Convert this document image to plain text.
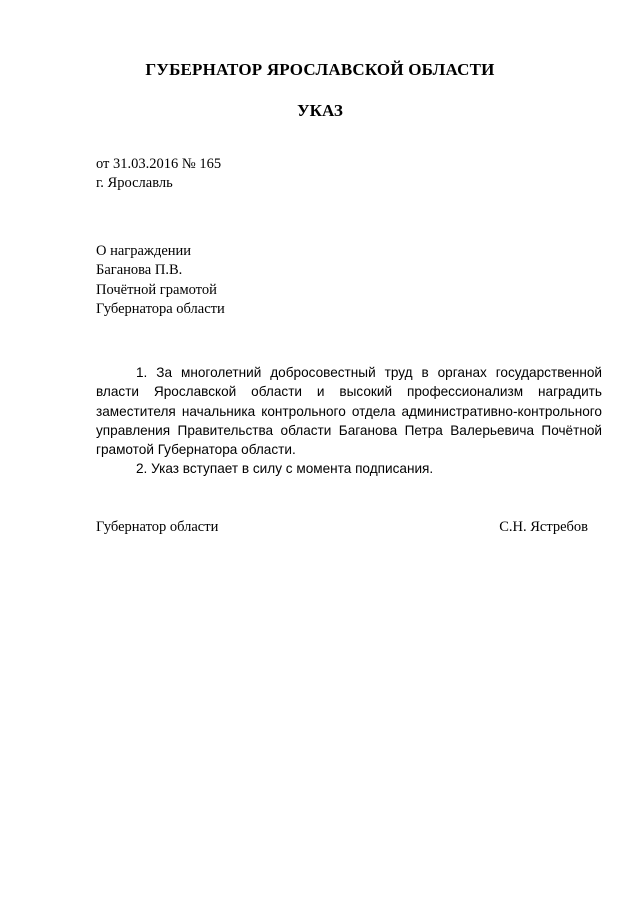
ГУБЕРНАТОР ЯРОСЛАВСКОЙ ОБЛАСТИ
УКАЗ
от 31.03.2016 № 165
г. Ярославль
О награждении
Баганова П.В.
Почётной грамотой
Губернатора области

1. За многолетний добросовестный труд в органах государственной власти Ярославской области и высокий профессионализм наградить заместителя начальника контрольного отдела административно-контрольного управления Правительства области Баганова Петра Валерьевича Почётной грамотой Губернатора области.

2. Указ вступает в силу с момента подписания.

Губернатор области	С.Н. Ястребов
